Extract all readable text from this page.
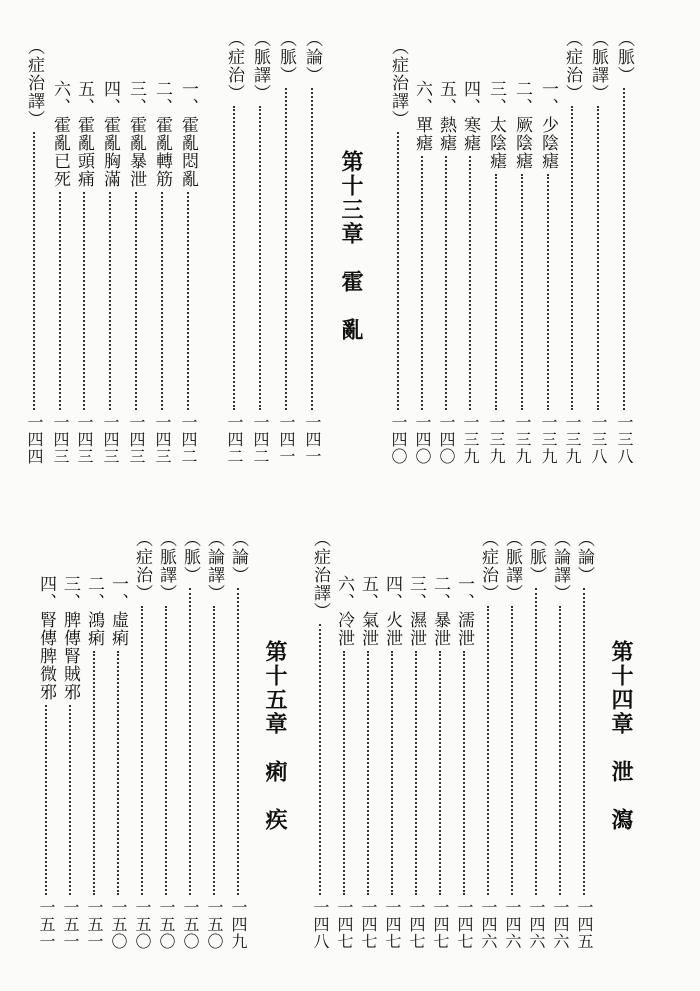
第十三章　霍　亂
︵論︶
一四一
︵脈︶
一四一
︵脈譯︶
一四二
︵症治︶
一四二
一、霍亂悶亂
一四二
二、霍亂轉筋
一四三
三、霍亂暴泄
一四三
四、霍亂胸滿
一四三
五、霍亂頭痛
一四三
六、霍亂已死
一四三
︵症治譯︶
一四四
︵脈︶
一三八
︵脈譯︶
一三八
︵症治︶
一三九
一、少陰瘧
一三九
二、厥陰瘧
一三九
三、太陰瘧
一三九
四、寒瘧
一三九
五、熱瘧
一四〇
六、單瘧
一四〇
︵症治譯︶
一四〇
第十五章　痢　疾
︵論︶
一四九
︵論譯︶
一五〇
︵脈︶
一五〇
︵脈譯︶
一五〇
︵症治︶
一五〇
一、虛痢
一五〇
二、鴻痢
一五一
三、脾傳腎賊邪
一五一
四、腎傳脾微邪
一五一
第十四章　泄　瀉
︵論︶
一四五
︵論譯︶
一四六
︵脈︶
一四六
︵脈譯︶
一四六
︵症治︶
一四六
一、濡泄
一四七
二、暴泄
一四七
三、濕泄
一四七
四、火泄
一四七
五、氣泄
一四七
六、冷泄
一四七
︵症治譯︶
一四八
